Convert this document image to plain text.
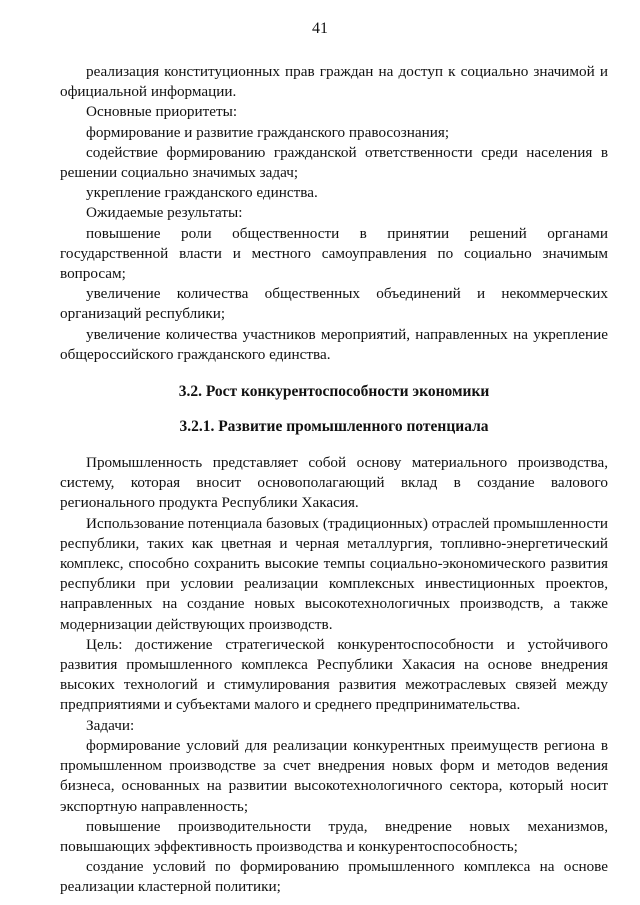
41

реализация конституционных прав граждан на доступ к социально значимой и официальной информации.

Основные приоритеты:

формирование и развитие гражданского правосознания;

содействие формированию гражданской ответственности среди населения в решении социально значимых задач;

укрепление гражданского единства.

Ожидаемые результаты:

повышение роли общественности в принятии решений органами государственной власти и местного самоуправления по социально значимым вопросам;

увеличение количества общественных объединений и некоммерческих организаций республики;

увеличение количества участников мероприятий, направленных на укрепление общероссийского гражданского единства.

3.2. Рост конкурентоспособности экономики

3.2.1. Развитие промышленного потенциала

Промышленность представляет собой основу материального производства, систему, которая вносит основополагающий вклад в создание валового регионального продукта Республики Хакасия.

Использование потенциала базовых (традиционных) отраслей промышленности республики, таких как цветная и черная металлургия, топливно-энергетический комплекс, способно сохранить высокие темпы социально-экономического развития республики при условии реализации комплексных инвестиционных проектов, направленных на создание новых высокотехнологичных производств, а также модернизации действующих производств.

Цель: достижение стратегической конкурентоспособности и устойчивого развития промышленного комплекса Республики Хакасия на основе внедрения высоких технологий и стимулирования развития межотраслевых связей между предприятиями и субъектами малого и среднего предпринимательства.

Задачи:

формирование условий для реализации конкурентных преимуществ региона в промышленном производстве за счет внедрения новых форм и методов ведения бизнеса, основанных на развитии высокотехнологичного сектора, который носит экспортную направленность;

повышение производительности труда, внедрение новых механизмов, повышающих эффективность производства и конкурентоспособность;

создание условий по формированию промышленного комплекса на основе реализации кластерной политики;
